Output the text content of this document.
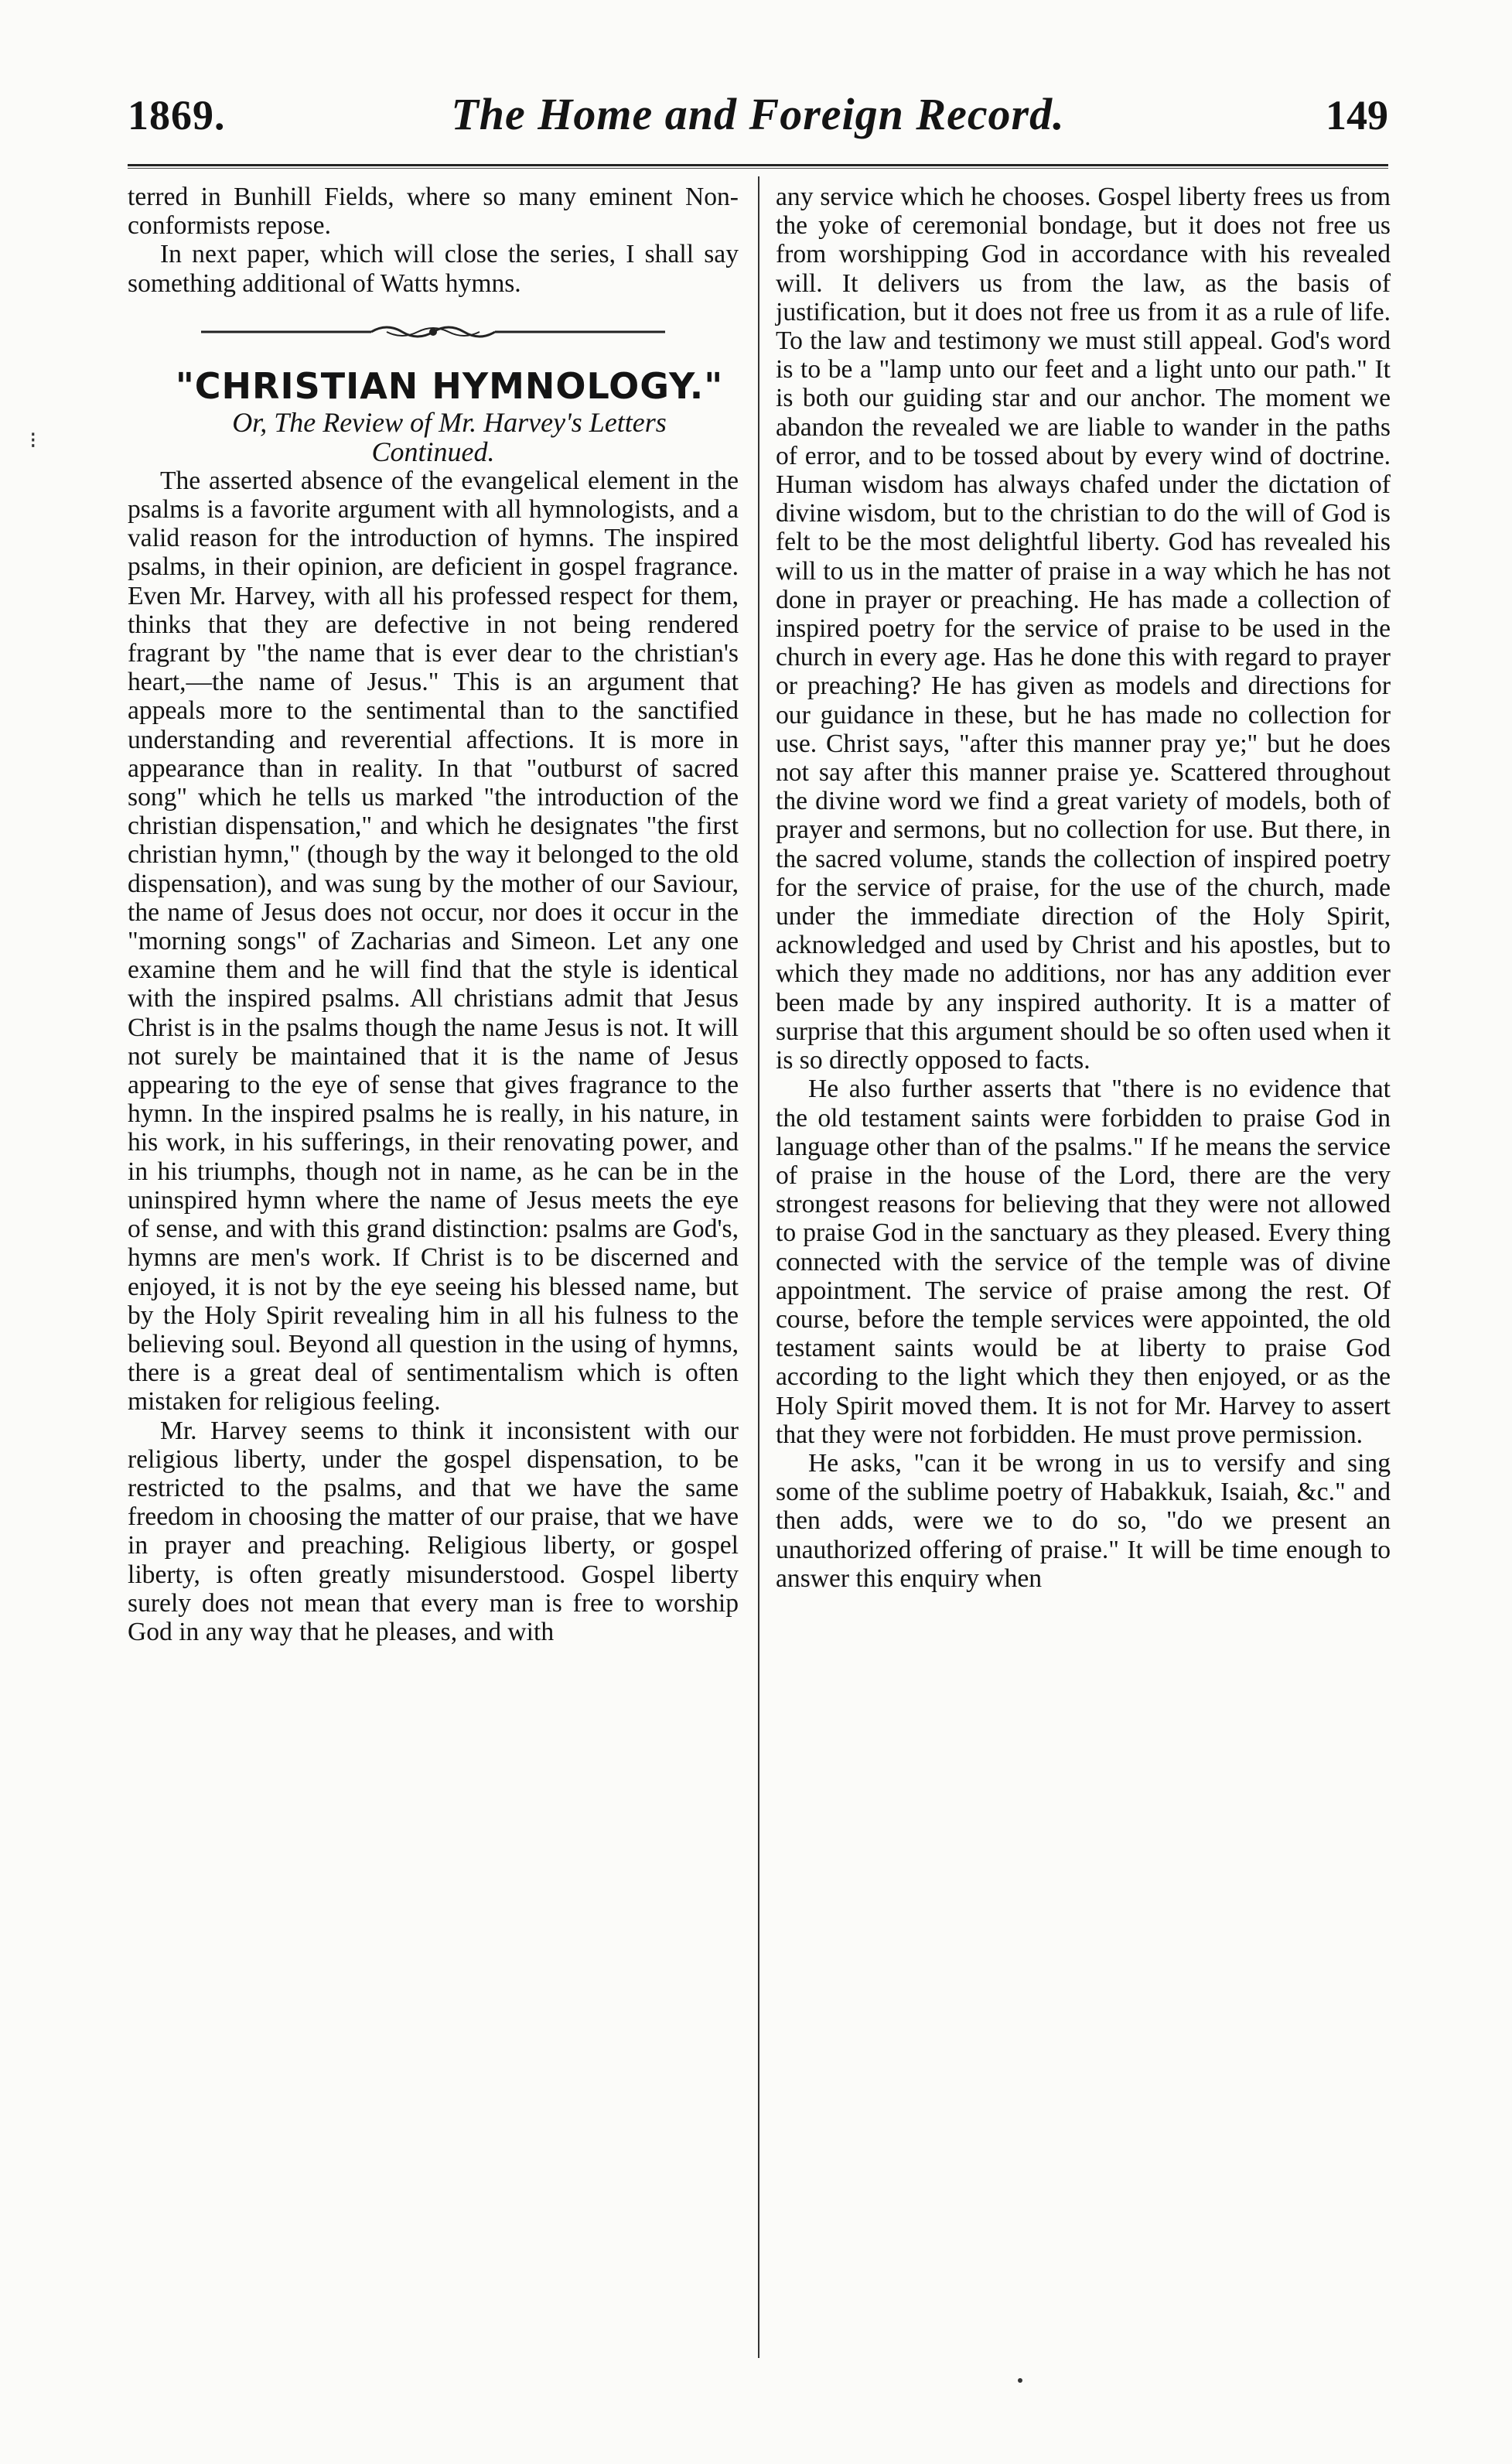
1869.	The Home and Foreign Record.	149
⁝

terred in Bunhill Fields, where so many eminent Non-conformists repose.

In next paper, which will close the series, I shall say something additional of Watts hymns.

"CHRISTIAN HYMNOLOGY."

Or, The Review of Mr. Harvey's Letters Continued.

The asserted absence of the evangelical element in the psalms is a favorite argument with all hymnologists, and a valid reason for the introduction of hymns. The inspired psalms, in their opinion, are deficient in gospel fragrance. Even Mr. Harvey, with all his professed respect for them, thinks that they are defective in not being rendered fragrant by "the name that is ever dear to the christian's heart,—the name of Jesus." This is an argument that appeals more to the sentimental than to the sanctified understanding and reverential affections. It is more in appearance than in reality. In that "outburst of sacred song" which he tells us marked "the introduction of the christian dispensation," and which he designates "the first christian hymn," (though by the way it belonged to the old dispensation), and was sung by the mother of our Saviour, the name of Jesus does not occur, nor does it occur in the "morning songs" of Zacharias and Simeon. Let any one examine them and he will find that the style is identical with the inspired psalms. All christians admit that Jesus Christ is in the psalms though the name Jesus is not. It will not surely be maintained that it is the name of Jesus appearing to the eye of sense that gives fragrance to the hymn. In the inspired psalms he is really, in his nature, in his work, in his sufferings, in their renovating power, and in his triumphs, though not in name, as he can be in the uninspired hymn where the name of Jesus meets the eye of sense, and with this grand distinction: psalms are God's, hymns are men's work. If Christ is to be discerned and enjoyed, it is not by the eye seeing his blessed name, but by the Holy Spirit revealing him in all his fulness to the believing soul. Beyond all question in the using of hymns, there is a great deal of sentimentalism which is often mistaken for religious feeling.

Mr. Harvey seems to think it inconsistent with our religious liberty, under the gospel dispensation, to be restricted to the psalms, and that we have the same freedom in choosing the matter of our praise, that we have in prayer and preaching. Religious liberty, or gospel liberty, is often greatly misunderstood. Gospel liberty surely does not mean that every man is free to worship God in any way that he pleases, and with

any service which he chooses. Gospel liberty frees us from the yoke of ceremonial bondage, but it does not free us from worshipping God in accordance with his revealed will. It delivers us from the law, as the basis of justification, but it does not free us from it as a rule of life. To the law and testimony we must still appeal. God's word is to be a "lamp unto our feet and a light unto our path." It is both our guiding star and our anchor. The moment we abandon the revealed we are liable to wander in the paths of error, and to be tossed about by every wind of doctrine. Human wisdom has always chafed under the dictation of divine wisdom, but to the christian to do the will of God is felt to be the most delightful liberty. God has revealed his will to us in the matter of praise in a way which he has not done in prayer or preaching. He has made a collection of inspired poetry for the service of praise to be used in the church in every age. Has he done this with regard to prayer or preaching? He has given as models and directions for our guidance in these, but he has made no collection for use. Christ says, "after this manner pray ye;" but he does not say after this manner praise ye. Scattered throughout the divine word we find a great variety of models, both of prayer and sermons, but no collection for use. But there, in the sacred volume, stands the collection of inspired poetry for the service of praise, for the use of the church, made under the immediate direction of the Holy Spirit, acknowledged and used by Christ and his apostles, but to which they made no additions, nor has any addition ever been made by any inspired authority. It is a matter of surprise that this argument should be so often used when it is so directly opposed to facts.

He also further asserts that "there is no evidence that the old testament saints were forbidden to praise God in language other than of the psalms." If he means the service of praise in the house of the Lord, there are the very strongest reasons for believing that they were not allowed to praise God in the sanctuary as they pleased. Every thing connected with the service of the temple was of divine appointment. The service of praise among the rest. Of course, before the temple services were appointed, the old testament saints would be at liberty to praise God according to the light which they then enjoyed, or as the Holy Spirit moved them. It is not for Mr. Harvey to assert that they were not forbidden. He must prove permission.

He asks, "can it be wrong in us to versify and sing some of the sublime poetry of Habakkuk, Isaiah, &c." and then adds, were we to do so, "do we present an unauthorized offering of praise." It will be time enough to answer this enquiry when
